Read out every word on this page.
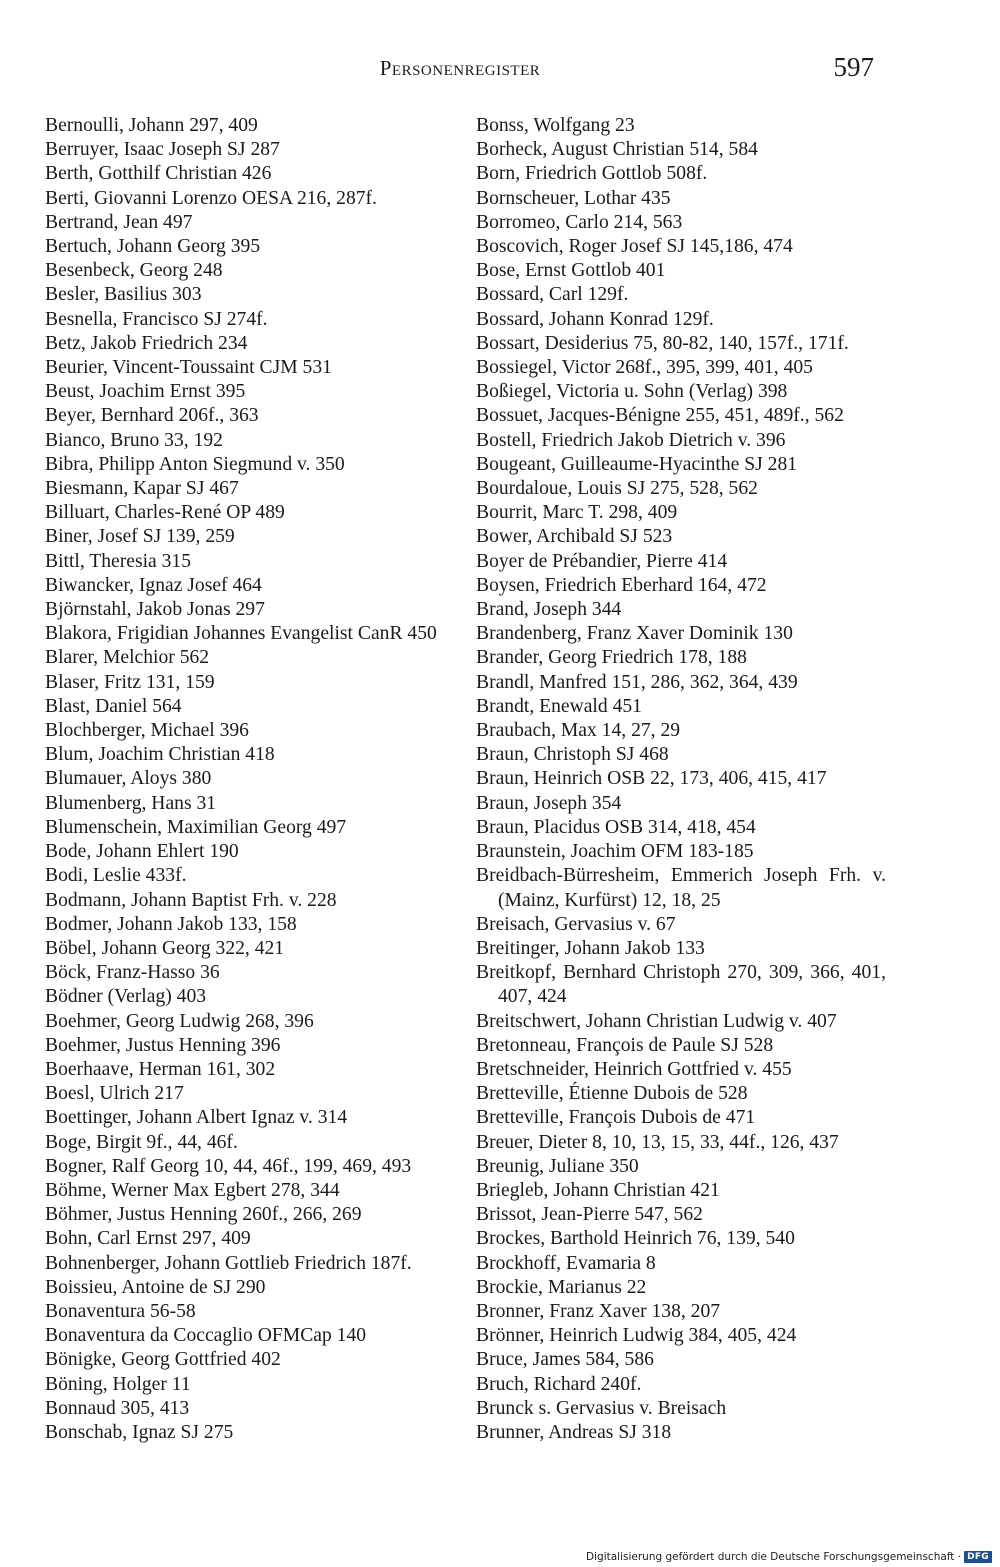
Personenregister	597
Bernoulli, Johann 297, 409
Berruyer, Isaac Joseph SJ 287
Berth, Gotthilf Christian 426
Berti, Giovanni Lorenzo OESA 216, 287f.
Bertrand, Jean 497
Bertuch, Johann Georg 395
Besenbeck, Georg 248
Besler, Basilius 303
Besnella, Francisco SJ 274f.
Betz, Jakob Friedrich 234
Beurier, Vincent-Toussaint CJM 531
Beust, Joachim Ernst 395
Beyer, Bernhard 206f., 363
Bianco, Bruno 33, 192
Bibra, Philipp Anton Siegmund v. 350
Biesmann, Kapar SJ 467
Billuart, Charles-René OP 489
Biner, Josef SJ 139, 259
Bittl, Theresia 315
Biwancker, Ignaz Josef 464
Björnstahl, Jakob Jonas 297
Blakora, Frigidian Johannes Evangelist CanR 450
Blarer, Melchior 562
Blaser, Fritz 131, 159
Blast, Daniel 564
Blochberger, Michael 396
Blum, Joachim Christian 418
Blumauer, Aloys 380
Blumenberg, Hans 31
Blumenschein, Maximilian Georg 497
Bode, Johann Ehlert 190
Bodi, Leslie 433f.
Bodmann, Johann Baptist Frh. v. 228
Bodmer, Johann Jakob 133, 158
Böbel, Johann Georg 322, 421
Böck, Franz-Hasso 36
Bödner (Verlag) 403
Boehmer, Georg Ludwig 268, 396
Boehmer, Justus Henning 396
Boerhaave, Herman 161, 302
Boesl, Ulrich 217
Boettinger, Johann Albert Ignaz v. 314
Boge, Birgit 9f., 44, 46f.
Bogner, Ralf Georg 10, 44, 46f., 199, 469, 493
Böhme, Werner Max Egbert 278, 344
Böhmer, Justus Henning 260f., 266, 269
Bohn, Carl Ernst 297, 409
Bohnenberger, Johann Gottlieb Friedrich 187f.
Boissieu, Antoine de SJ 290
Bonaventura 56-58
Bonaventura da Coccaglio OFMCap 140
Bönigke, Georg Gottfried 402
Böning, Holger 11
Bonnaud 305, 413
Bonschab, Ignaz SJ 275
Bonss, Wolfgang 23
Borheck, August Christian 514, 584
Born, Friedrich Gottlob 508f.
Bornscheuer, Lothar 435
Borromeo, Carlo 214, 563
Boscovich, Roger Josef SJ 145,186, 474
Bose, Ernst Gottlob 401
Bossard, Carl 129f.
Bossard, Johann Konrad 129f.
Bossart, Desiderius 75, 80-82, 140, 157f., 171f.
Bossiegel, Victor 268f., 395, 399, 401, 405
Boßiegel, Victoria u. Sohn (Verlag) 398
Bossuet, Jacques-Bénigne 255, 451, 489f., 562
Bostell, Friedrich Jakob Dietrich v. 396
Bougeant, Guilleaume-Hyacinthe SJ 281
Bourdaloue, Louis SJ 275, 528, 562
Bourrit, Marc T. 298, 409
Bower, Archibald SJ 523
Boyer de Prébandier, Pierre 414
Boysen, Friedrich Eberhard 164, 472
Brand, Joseph 344
Brandenberg, Franz Xaver Dominik 130
Brander, Georg Friedrich 178, 188
Brandl, Manfred 151, 286, 362, 364, 439
Brandt, Enewald 451
Braubach, Max 14, 27, 29
Braun, Christoph SJ 468
Braun, Heinrich OSB 22, 173, 406, 415, 417
Braun, Joseph 354
Braun, Placidus OSB 314, 418, 454
Braunstein, Joachim OFM 183-185
Breidbach-Bürresheim, Emmerich Joseph Frh. v. (Mainz, Kurfürst) 12, 18, 25
Breisach, Gervasius v. 67
Breitinger, Johann Jakob 133
Breitkopf, Bernhard Christoph 270, 309, 366, 401, 407, 424
Breitschwert, Johann Christian Ludwig v. 407
Bretonneau, François de Paule SJ 528
Bretschneider, Heinrich Gottfried v. 455
Bretteville, Étienne Dubois de 528
Bretteville, François Dubois de 471
Breuer, Dieter 8, 10, 13, 15, 33, 44f., 126, 437
Breunig, Juliane 350
Briegleb, Johann Christian 421
Brissot, Jean-Pierre 547, 562
Brockes, Barthold Heinrich 76, 139, 540
Brockhoff, Evamaria 8
Brockie, Marianus 22
Bronner, Franz Xaver 138, 207
Brönner, Heinrich Ludwig 384, 405, 424
Bruce, James 584, 586
Bruch, Richard 240f.
Brunck s. Gervasius v. Breisach
Brunner, Andreas SJ 318
Digitalisierung gefördert durch die Deutsche Forschungsgemeinschaft · DFG
